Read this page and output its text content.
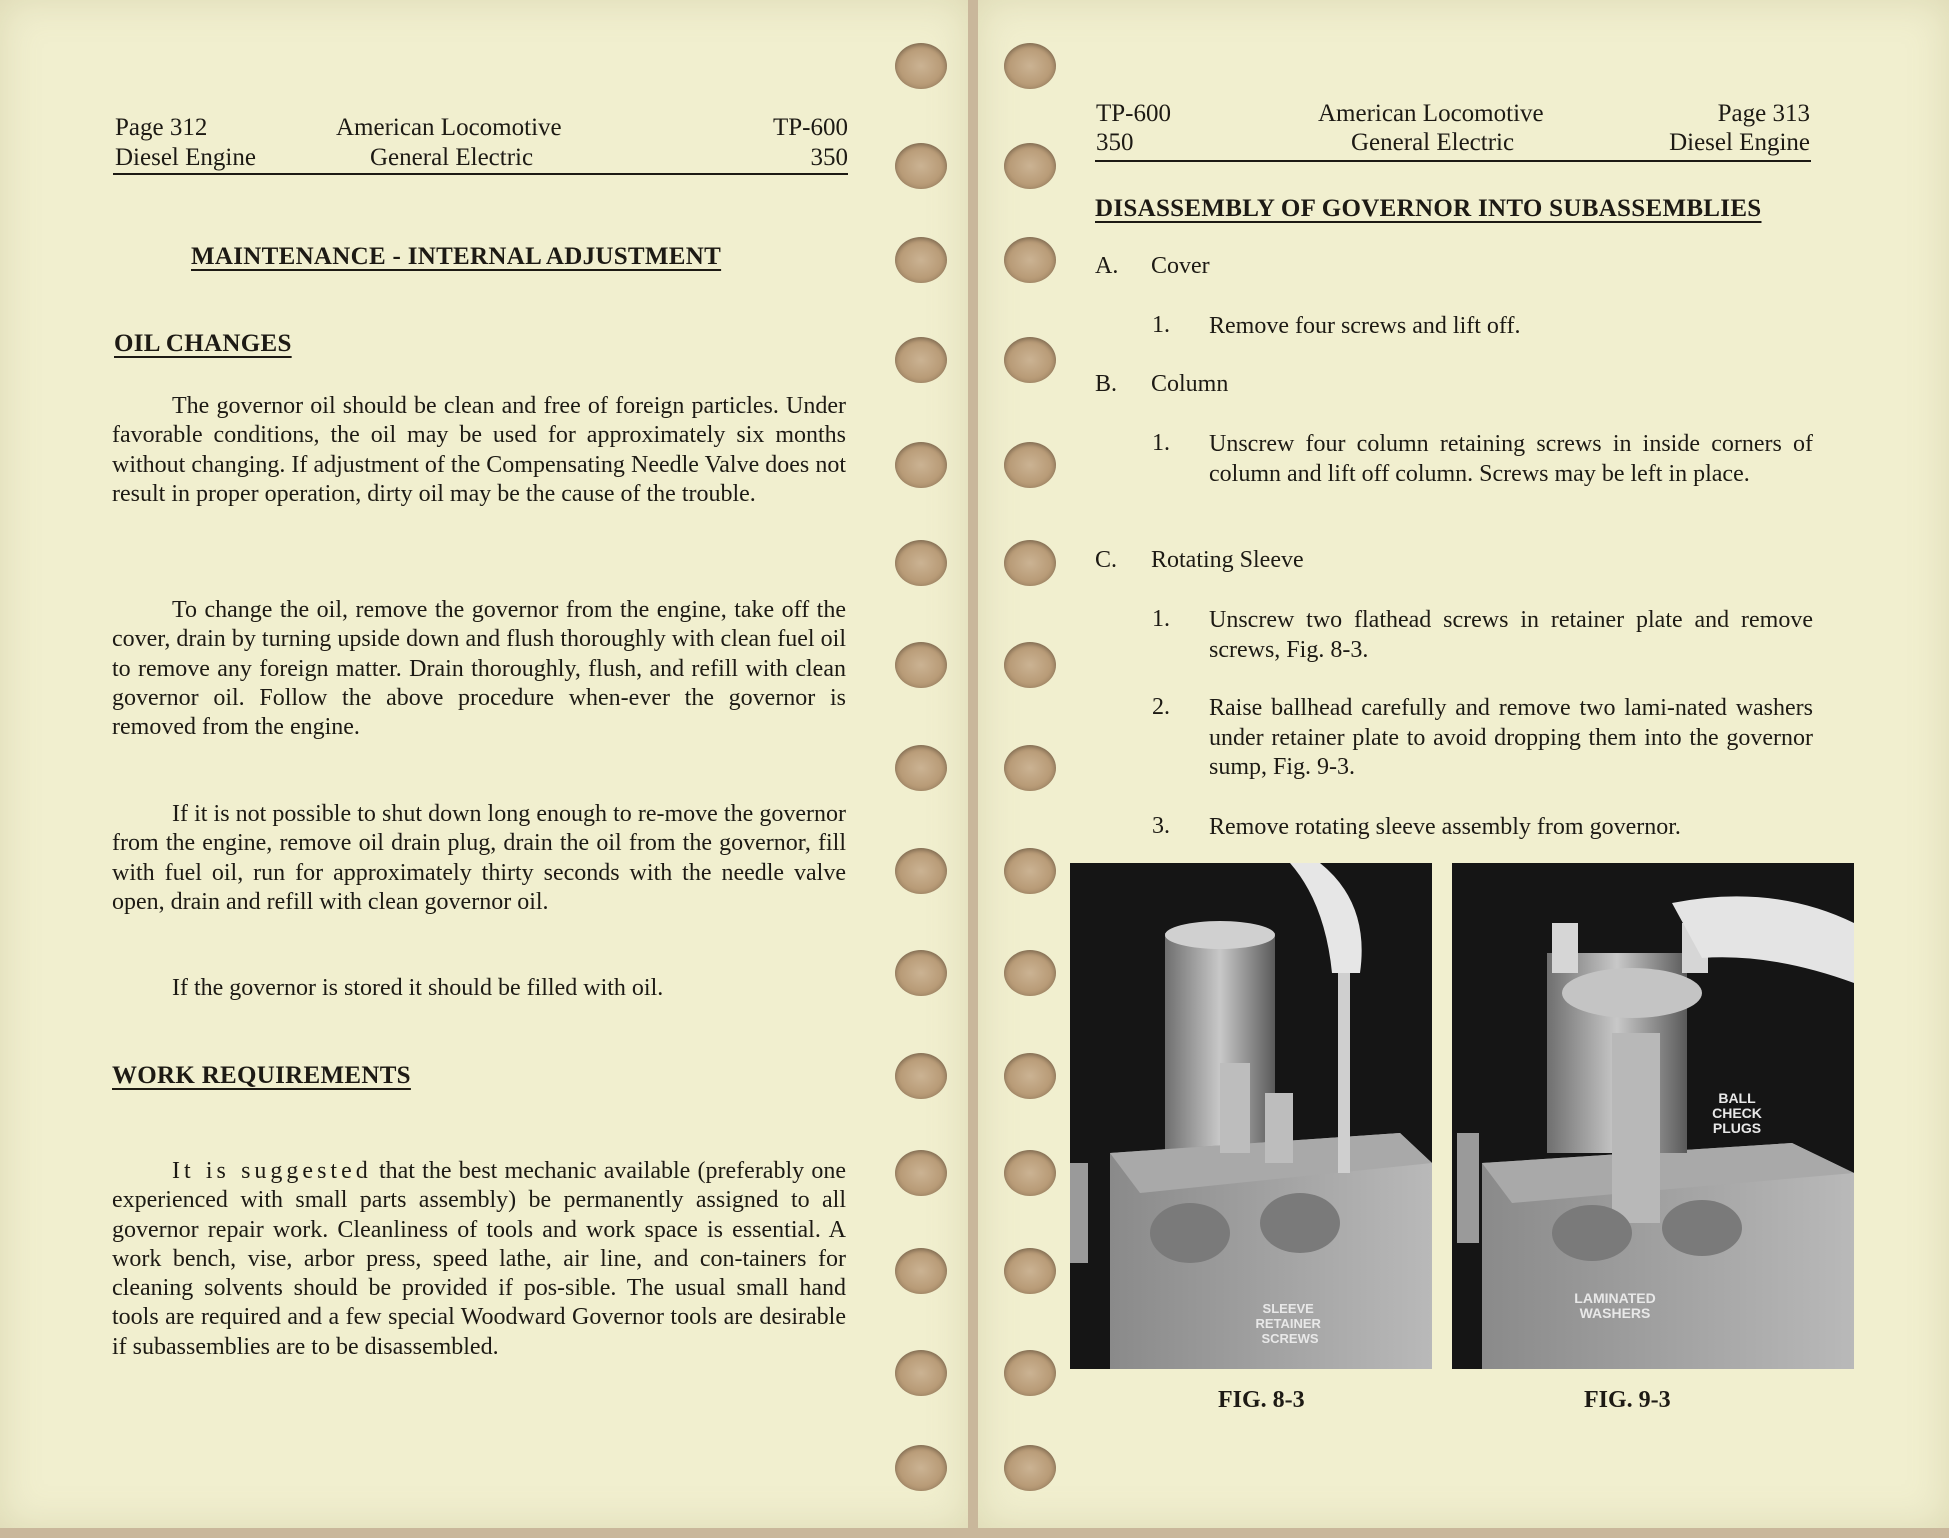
Page 312
Diesel Engine
American Locomotive
General Electric
TP-600
350
MAINTENANCE - INTERNAL ADJUSTMENT
OIL CHANGES
The governor oil should be clean and free of foreign particles. Under favorable conditions, the oil may be used for approximately six months without changing. If adjustment of the Compensating Needle Valve does not result in proper operation, dirty oil may be the cause of the trouble.
To change the oil, remove the governor from the engine, take off the cover, drain by turning upside down and flush thoroughly with clean fuel oil to remove any foreign matter. Drain thoroughly, flush, and refill with clean governor oil. Follow the above procedure when-ever the governor is removed from the engine.
If it is not possible to shut down long enough to re-move the governor from the engine, remove oil drain plug, drain the oil from the governor, fill with fuel oil, run for approximately thirty seconds with the needle valve open, drain and refill with clean governor oil.
If the governor is stored it should be filled with oil.
WORK REQUIREMENTS
It is suggested that the best mechanic available (preferably one experienced with small parts assembly) be permanently assigned to all governor repair work. Cleanliness of tools and work space is essential. A work bench, vise, arbor press, speed lathe, air line, and con-tainers for cleaning solvents should be provided if pos-sible. The usual small hand tools are required and a few special Woodward Governor tools are desirable if subassemblies are to be disassembled.
TP-600
350
American Locomotive
General Electric
Page 313
Diesel Engine
DISASSEMBLY OF GOVERNOR INTO SUBASSEMBLIES
A. Cover
1. Remove four screws and lift off.
B. Column
1. Unscrew four column retaining screws in inside corners of column and lift off column. Screws may be left in place.
C. Rotating Sleeve
1. Unscrew two flathead screws in retainer plate and remove screws, Fig. 8-3.
2. Raise ballhead carefully and remove two lami-nated washers under retainer plate to avoid dropping them into the governor sump, Fig. 9-3.
3. Remove rotating sleeve assembly from governor.
SLEEVE RETAINER SCREWS
FIG. 8-3
BALL
CHECK
PLUGS
LAMINATED
WASHERS
FIG. 9-3
